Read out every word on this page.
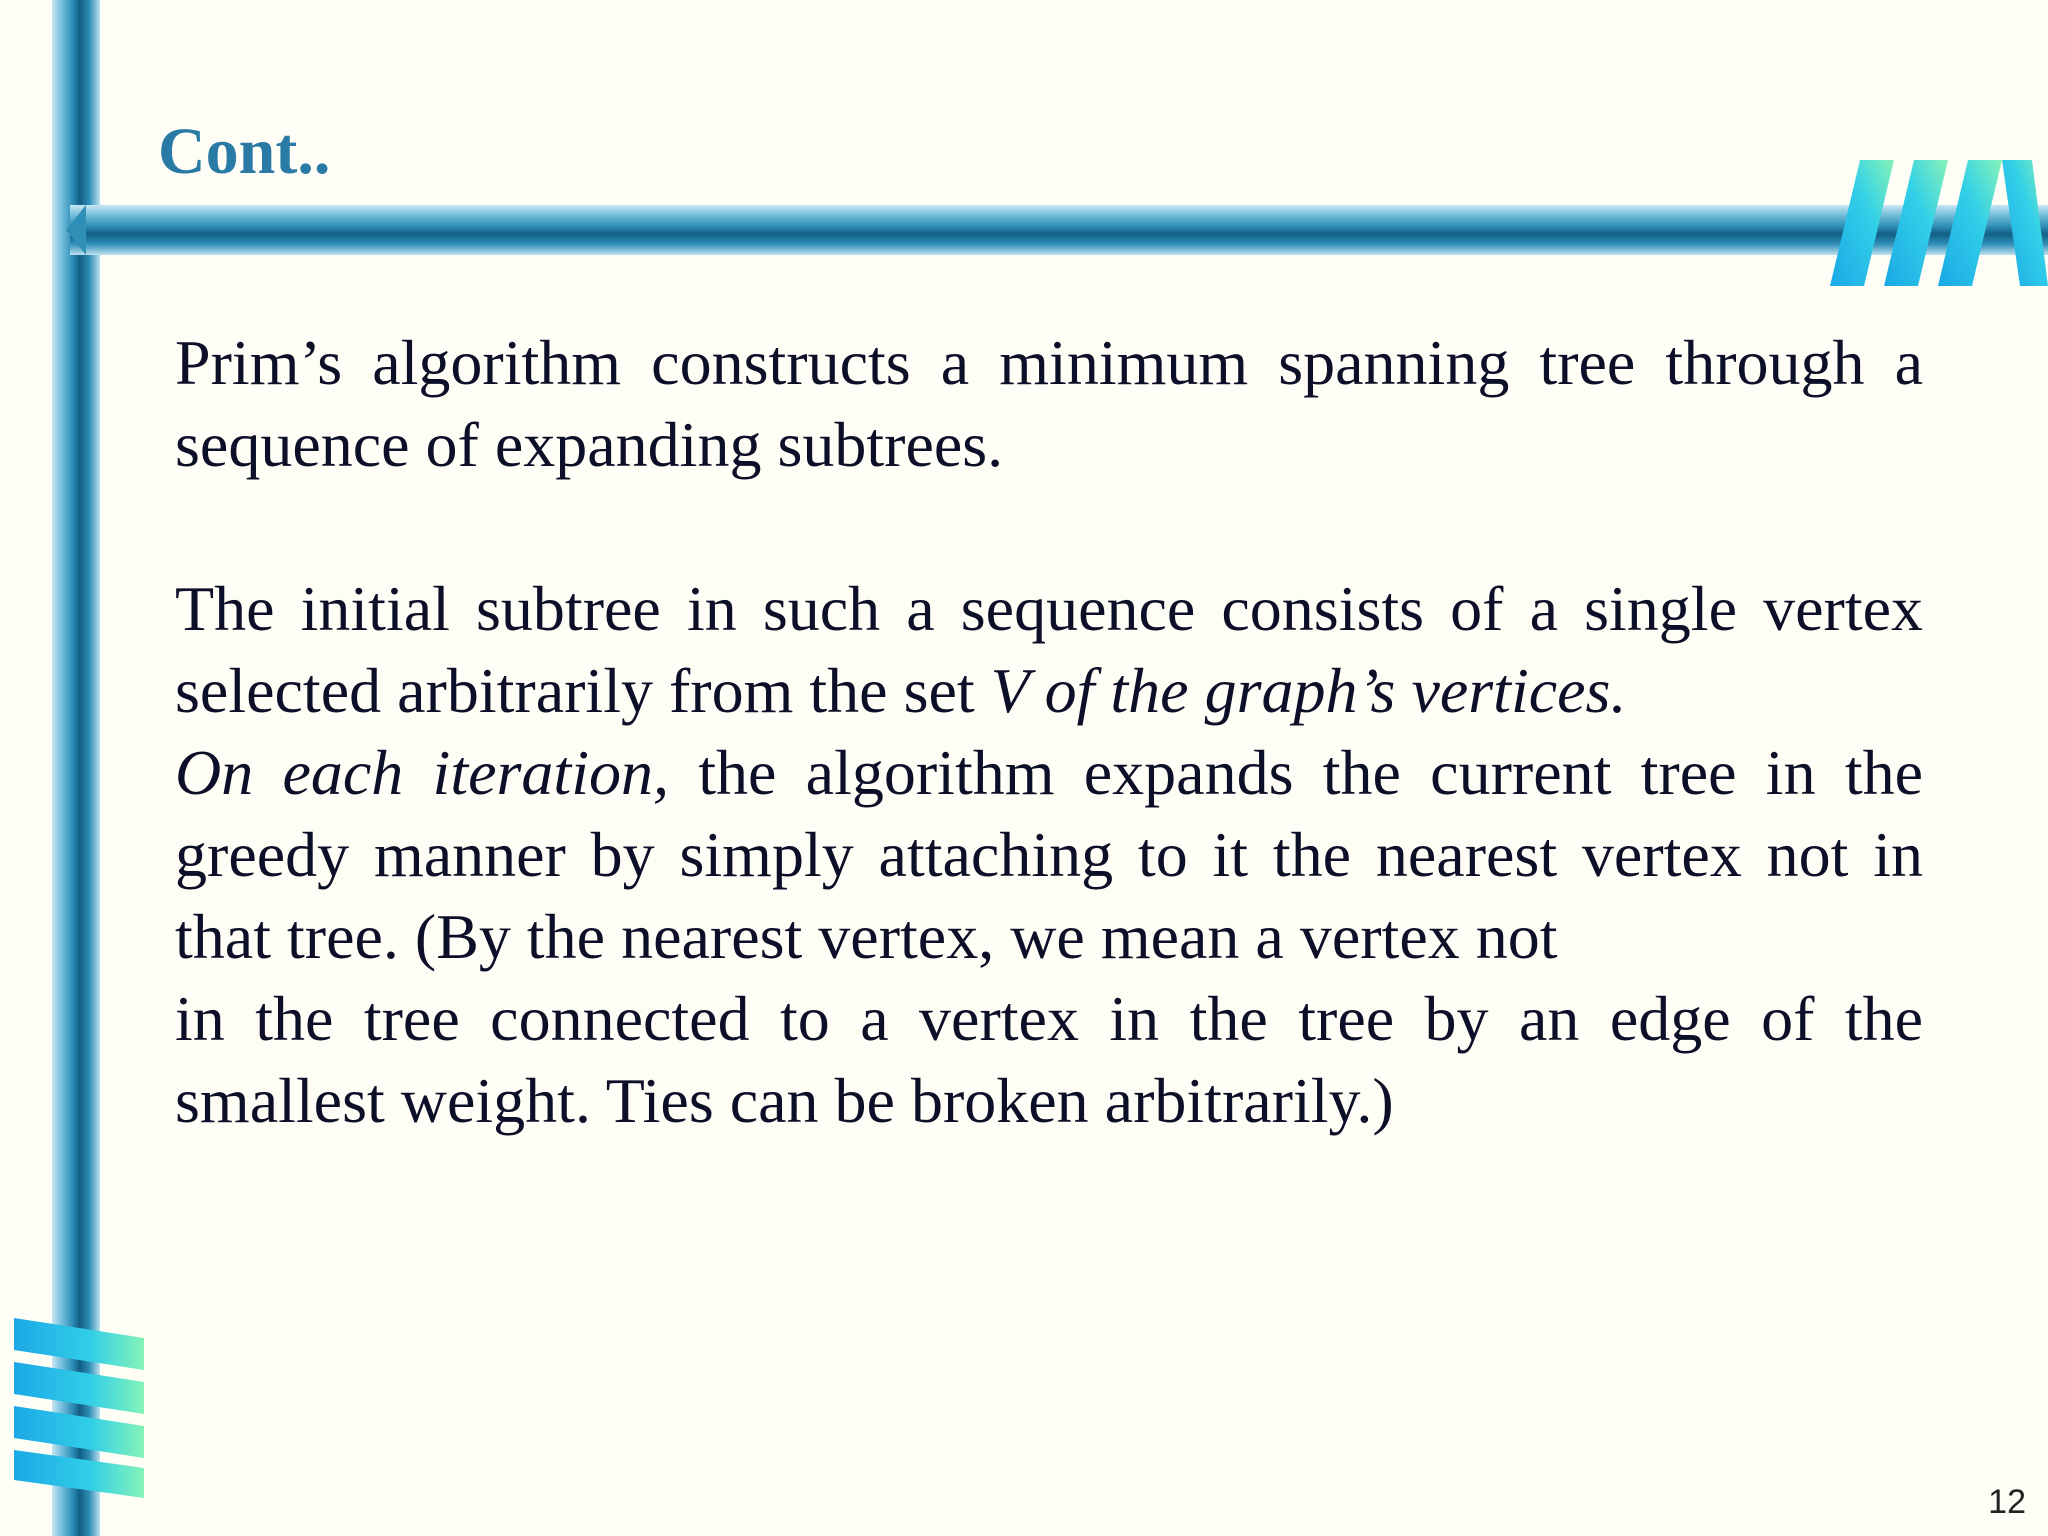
Cont..

Prim’s algorithm constructs a minimum spanning tree through a sequence of expanding subtrees.

The initial subtree in such a sequence consists of a single vertex selected arbitrarily from the set V of the graph’s vertices.

On each iteration, the algorithm expands the current tree in the greedy manner by simply attaching to it the nearest vertex not in that tree. (By the nearest vertex, we mean a vertex not

in the tree connected to a vertex in the tree by an edge of the smallest weight. Ties can be broken arbitrarily.)

12
